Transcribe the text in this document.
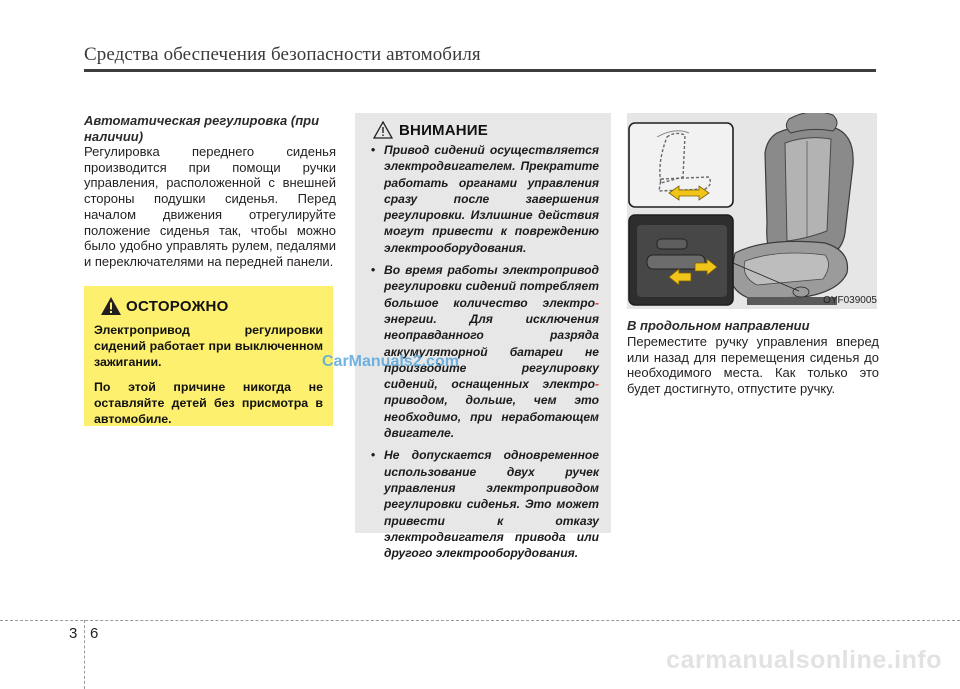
Средства обеспечения безопасности автомобиля
Автоматическая регулировка (при наличии)
Регулировка переднего сиденья производится при помощи ручки управления, расположенной с внешней стороны подушки сиденья. Перед началом движения отрегулируйте положение сиденья так, чтобы можно было удобно управлять рулем, педалями и переключателями на передней панели.
ОСТОРОЖНО

Электропривод регулировки сидений работает при выключенном зажигании.

По этой причине никогда не оставляйте детей без присмотра в автомобиле.

ВНИМАНИЕ
• Привод сидений осуществляется электродвигателем. Прекратите работать органами управления сразу после завершения регулировки. Излишние действия могут привести к повреждению электрооборудования.
• Во время работы электропривод регулировки сидений потребляет большое количество электро- энергии. Для исключения неоправданного разряда аккумуляторной батареи не производите регулировку сидений, оснащенных электро- приводом, дольше, чем это необходимо, при неработающем двигателе.
• Не допускается одновременное использование двух ручек управления электроприводом регулировки сиденья. Это может привести к отказу электродвигателя привода или другого электрооборудования.
OYF039005
В продольном направлении
Переместите ручку управления вперед или назад для перемещения сиденья до необходимого места. Как только это будет достигнуто, отпустите ручку.
CarManuals2.com
3 6
carmanualsonline.info
